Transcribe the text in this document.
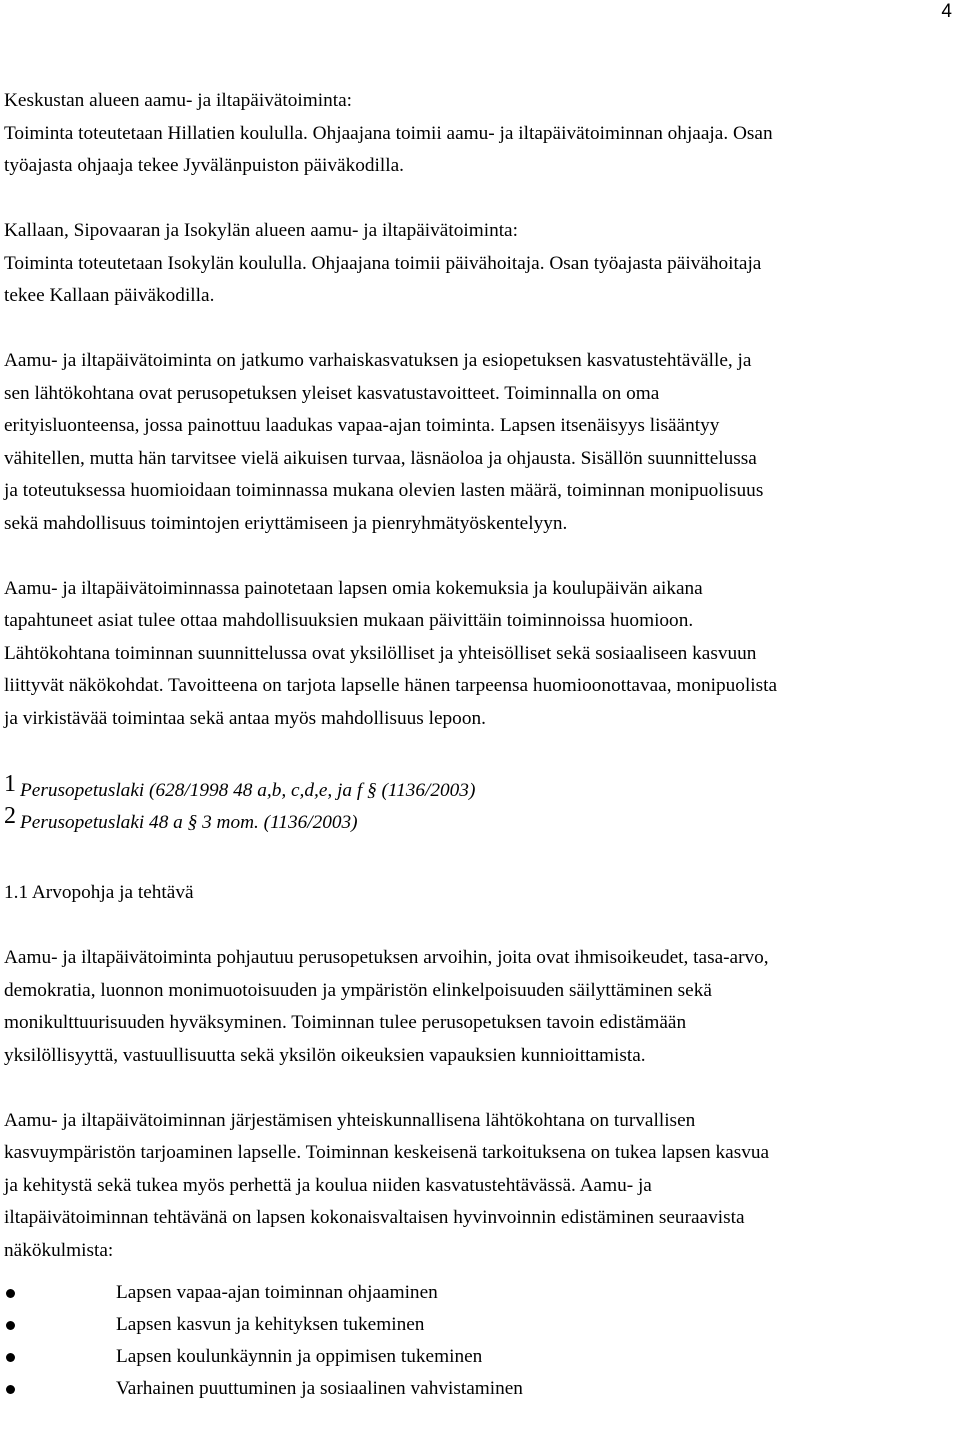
4
Keskustan alueen aamu- ja iltapäivätoiminta:
Toiminta toteutetaan Hillatien koululla. Ohjaajana toimii aamu- ja iltapäivätoiminnan ohjaaja. Osan
työajasta ohjaaja tekee Jyvälänpuiston päiväkodilla.
Kallaan, Sipovaaran ja Isokylän alueen aamu- ja iltapäivätoiminta:
Toiminta toteutetaan Isokylän koululla. Ohjaajana toimii päivähoitaja. Osan työajasta päivähoitaja
tekee Kallaan päiväkodilla.
Aamu- ja iltapäivätoiminta on jatkumo varhaiskasvatuksen ja esiopetuksen kasvatustehtävälle, ja
sen lähtökohtana ovat perusopetuksen yleiset kasvatustavoitteet. Toiminnalla on oma
erityisluonteensa, jossa painottuu laadukas vapaa-ajan toiminta. Lapsen itsenäisyys lisääntyy
vähitellen, mutta hän tarvitsee vielä aikuisen turvaa, läsnäoloa ja ohjausta. Sisällön suunnittelussa
ja toteutuksessa huomioidaan toiminnassa mukana olevien lasten määrä, toiminnan monipuolisuus
sekä mahdollisuus toimintojen eriyttämiseen ja pienryhmätyöskentelyyn.
Aamu- ja iltapäivätoiminnassa painotetaan lapsen omia kokemuksia ja koulupäivän aikana
tapahtuneet asiat tulee ottaa mahdollisuuksien mukaan päivittäin toiminnoissa huomioon.
Lähtökohtana toiminnan suunnittelussa ovat yksilölliset ja yhteisölliset sekä sosiaaliseen kasvuun
liittyvät näkökohdat. Tavoitteena on tarjota lapselle hänen tarpeensa huomioonottavaa, monipuolista
ja virkistävää toimintaa sekä antaa myös mahdollisuus lepoon.
1 Perusopetuslaki (628/1998 48 a,b, c,d,e, ja f § (1136/2003)
2 Perusopetuslaki 48 a § 3 mom. (1136/2003)
1.1 Arvopohja ja tehtävä
Aamu- ja iltapäivätoiminta pohjautuu perusopetuksen arvoihin, joita ovat ihmisoikeudet, tasa-arvo,
demokratia, luonnon monimuotoisuuden ja ympäristön elinkelpoisuuden säilyttäminen sekä
monikulttuurisuuden hyväksyminen. Toiminnan tulee perusopetuksen tavoin edistämään
yksilöllisyyttä, vastuullisuutta sekä yksilön oikeuksien vapauksien kunnioittamista.
Aamu- ja iltapäivätoiminnan järjestämisen yhteiskunnallisena lähtökohtana on turvallisen
kasvuympäristön tarjoaminen lapselle. Toiminnan keskeisenä tarkoituksena on tukea lapsen kasvua
ja kehitystä sekä tukea myös perhettä ja koulua niiden kasvatustehtävässä. Aamu- ja
iltapäivätoiminnan tehtävänä on lapsen kokonaisvaltaisen hyvinvoinnin edistäminen seuraavista
näkökulmista:
Lapsen vapaa-ajan toiminnan ohjaaminen
Lapsen kasvun ja kehityksen tukeminen
Lapsen koulunkäynnin ja oppimisen tukeminen
Varhainen puuttuminen ja sosiaalinen vahvistaminen
